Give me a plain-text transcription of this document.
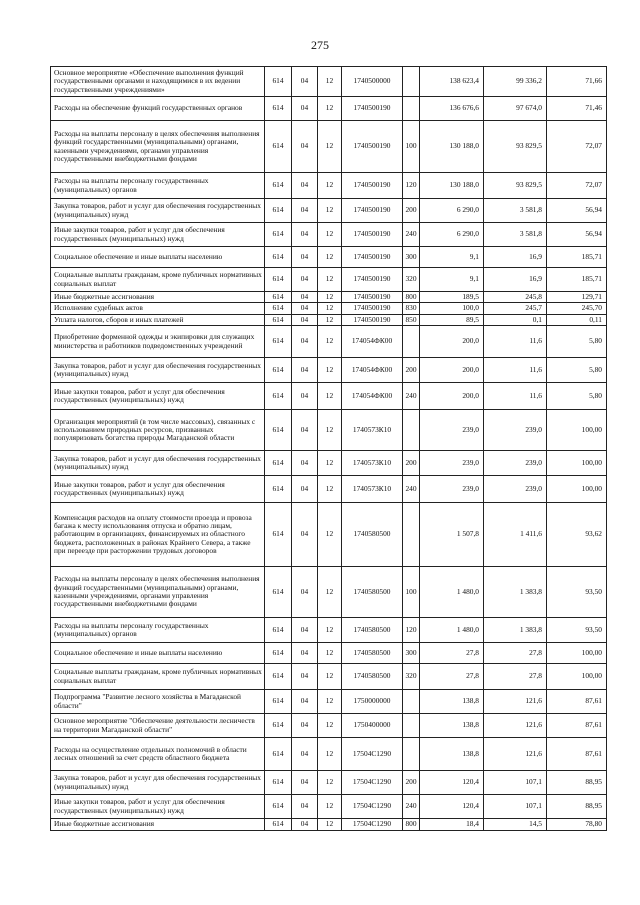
275
Основное мероприятие «Обеспечение выполнения функций государственными органами и находящимися в их ведении государственными учреждениями»	614	04	12	1740500000		138 623,4	99 336,2	71,66
Расходы на обеспечение функций государственных органов	614	04	12	1740500190		136 676,6	97 674,0	71,46
Расходы на выплаты персоналу в целях обеспечения выполнения функций государственными (муниципальными) органами, казенными учреждениями, органами управления государственными внебюджетными фондами	614	04	12	1740500190	100	130 188,0	93 829,5	72,07
Расходы на выплаты персоналу государственных (муниципальных) органов	614	04	12	1740500190	120	130 188,0	93 829,5	72,07
Закупка товаров, работ и услуг для обеспечения государственных (муниципальных) нужд	614	04	12	1740500190	200	6 290,0	3 581,8	56,94
Иные закупки товаров, работ и услуг для обеспечения государственных (муниципальных) нужд	614	04	12	1740500190	240	6 290,0	3 581,8	56,94
Социальное обеспечение и иные выплаты населению	614	04	12	1740500190	300	9,1	16,9	185,71
Социальные выплаты гражданам, кроме публичных нормативных социальных выплат	614	04	12	1740500190	320	9,1	16,9	185,71
Иные бюджетные ассигнования	614	04	12	1740500190	800	189,5	245,8	129,71
Исполнение судебных актов	614	04	12	1740500190	830	100,0	245,7	245,70
Уплата налогов, сборов и иных платежей	614	04	12	1740500190	850	89,5	0,1	0,11
Приобретение форменной одежды и экипировки для служащих министерства и работников подведомственных учреждений	614	04	12	174054ФК00		200,0	11,6	5,80
Закупка товаров, работ и услуг для обеспечения государственных (муниципальных) нужд	614	04	12	174054ФК00	200	200,0	11,6	5,80
Иные закупки товаров, работ и услуг для обеспечения государственных (муниципальных) нужд	614	04	12	174054ФК00	240	200,0	11,6	5,80
Организация мероприятий (в том числе массовых), связанных с использованием природных ресурсов, призванных популяризовать богатства природы Магаданской области	614	04	12	1740573К10		239,0	239,0	100,00
Закупка товаров, работ и услуг для обеспечения государственных (муниципальных) нужд	614	04	12	1740573К10	200	239,0	239,0	100,00
Иные закупки товаров, работ и услуг для обеспечения государственных (муниципальных) нужд	614	04	12	1740573К10	240	239,0	239,0	100,00
Компенсация расходов на оплату стоимости проезда и провоза багажа к месту использования отпуска и обратно лицам, работающим в организациях, финансируемых из областного бюджета, расположенных в районах Крайнего Севера, а также при переезде при расторжении трудовых договоров	614	04	12	1740580500		1 507,8	1 411,6	93,62
Расходы на выплаты персоналу в целях обеспечения выполнения функций государственными (муниципальными) органами, казенными учреждениями, органами управления государственными внебюджетными фондами	614	04	12	1740580500	100	1 480,0	1 383,8	93,50
Расходы на выплаты персоналу государственных (муниципальных) органов	614	04	12	1740580500	120	1 480,0	1 383,8	93,50
Социальное обеспечение и иные выплаты населению	614	04	12	1740580500	300	27,8	27,8	100,00
Социальные выплаты гражданам, кроме публичных нормативных социальных выплат	614	04	12	1740580500	320	27,8	27,8	100,00
Подпрограмма "Развитие лесного хозяйства в Магаданской области"	614	04	12	1750000000		138,8	121,6	87,61
Основное мероприятие "Обеспечение деятельности лесничеств на территории Магаданской области"	614	04	12	1750400000		138,8	121,6	87,61
Расходы на осуществление отдельных полномочий в области лесных отношений за счет средств областного бюджета	614	04	12	17504С1290		138,8	121,6	87,61
Закупка товаров, работ и услуг для обеспечения государственных (муниципальных) нужд	614	04	12	17504С1290	200	120,4	107,1	88,95
Иные закупки товаров, работ и услуг для обеспечения государственных (муниципальных) нужд	614	04	12	17504С1290	240	120,4	107,1	88,95
Иные бюджетные ассигнования	614	04	12	17504С1290	800	18,4	14,5	78,80
